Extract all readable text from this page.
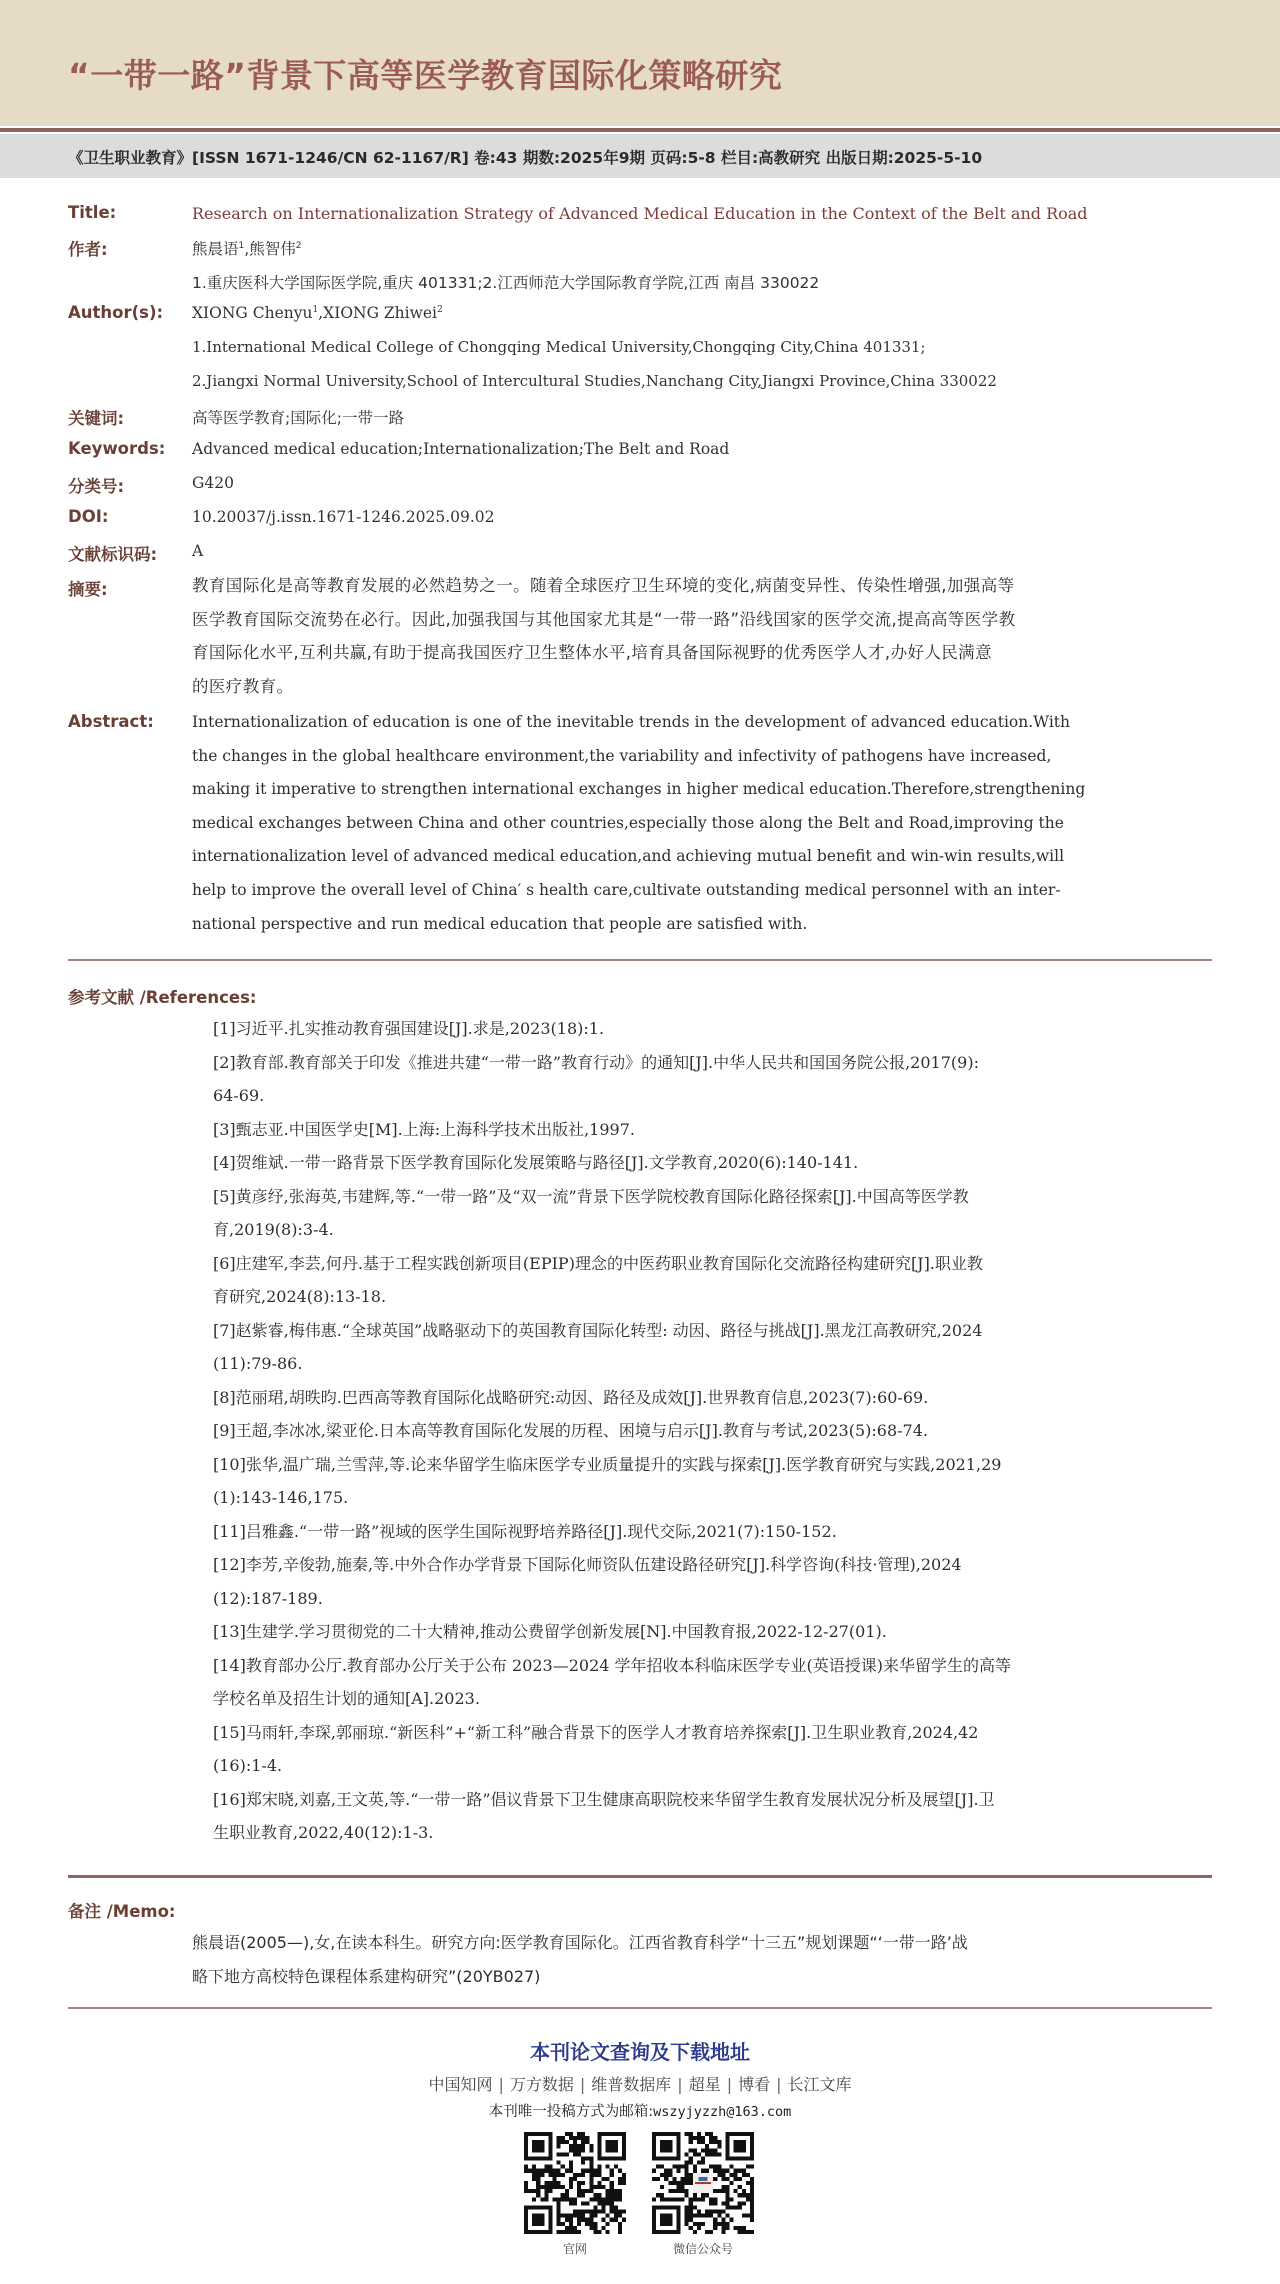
“一带一路”背景下高等医学教育国际化策略研究
《卫生职业教育》[ISSN 1671-1246/CN 62-1167/R] 卷:43 期数:2025年9期 页码:5-8 栏目:高教研究 出版日期:2025-5-10
Title:	Research on Internationalization Strategy of Advanced Medical Education in the Context of the Belt and Road
作者:	熊晨语$^1$,熊智伟$^2$
1.重庆医科大学国际医学院,重庆 401331;2.江西师范大学国际教育学院,江西 南昌 330022
Author(s): XIONG Chenyu$^1$,XIONG Zhiwei$^2$
1.International Medical College of Chongqing Medical University,Chongqing City,China 401331;
2.Jiangxi Normal University,School of Intercultural Studies,Nanchang City,Jiangxi Province,China 330022
关键词:	高等医学教育;国际化;一带一路
Keywords: Advanced medical education;Internationalization;The Belt and Road
分类号:	G420
DOI:	10.20037/j.issn.1671-1246.2025.09.02
文献标识码: A
摘要:	教育国际化是高等教育发展的必然趋势之一。随着全球医疗卫生环境的变化,病菌变异性、传染性增强,加强高等
医学教育国际交流势在必行。因此,加强我国与其他国家尤其是“一带一路”沿线国家的医学交流,提高高等医学教
育国际化水平,互利共赢,有助于提高我国医疗卫生整体水平,培育具备国际视野的优秀医学人才,办好人民满意
的医疗教育。
Abstract: Internationalization of education is one of the inevitable trends in the development of advanced education.With
the changes in the global healthcare environment,the variability and infectivity of pathogens have increased,
making it imperative to strengthen international exchanges in higher medical education.Therefore,strengthening
medical exchanges between China and other countries,especially those along the Belt and Road,improving the
internationalization level of advanced medical education,and achieving mutual benefit and win-win results,will
help to improve the overall level of China′ s health care,cultivate outstanding medical personnel with an inter-
national perspective and run medical education that people are satisfied with.
参考文献 /References:
[1]习近平.扎实推动教育强国建设[J].求是,2023(18):1.
[2]教育部.教育部关于印发《推进共建“一带一路”教育行动》的通知[J].中华人民共和国国务院公报,2017(9):
64-69.
[3]甄志亚.中国医学史[M].上海:上海科学技术出版社,1997.
[4]贺维斌.一带一路背景下医学教育国际化发展策略与路径[J].文学教育,2020(6):140-141.
[5]黄彦纾,张海英,韦建辉,等.“一带一路”及“双一流”背景下医学院校教育国际化路径探索[J].中国高等医学教
育,2019(8):3-4.
[6]庄建军,李芸,何丹.基于工程实践创新项目(EPIP)理念的中医药职业教育国际化交流路径构建研究[J].职业教
育研究,2024(8):13-18.
[7]赵紫睿,梅伟惠.“全球英国”战略驱动下的英国教育国际化转型: 动因、路径与挑战[J].黑龙江高教研究,2024
(11):79-86.
[8]范丽珺,胡昳昀.巴西高等教育国际化战略研究:动因、路径及成效[J].世界教育信息,2023(7):60-69.
[9]王超,李冰冰,梁亚伦.日本高等教育国际化发展的历程、困境与启示[J].教育与考试,2023(5):68-74.
[10]张华,温广瑞,兰雪萍,等.论来华留学生临床医学专业质量提升的实践与探索[J].医学教育研究与实践,2021,29
(1):143-146,175.
[11]吕雅鑫.“一带一路”视域的医学生国际视野培养路径[J].现代交际,2021(7):150-152.
[12]李芳,辛俊勃,施秦,等.中外合作办学背景下国际化师资队伍建设路径研究[J].科学咨询(科技·管理),2024
(12):187-189.
[13]生建学.学习贯彻党的二十大精神,推动公费留学创新发展[N].中国教育报,2022-12-27(01).
[14]教育部办公厅.教育部办公厅关于公布 2023—2024 学年招收本科临床医学专业(英语授课)来华留学生的高等
学校名单及招生计划的通知[A].2023.
[15]马雨轩,李琛,郭丽琼.“新医科”+“新工科”融合背景下的医学人才教育培养探索[J].卫生职业教育,2024,42
(16):1-4.
[16]郑宋晓,刘嘉,王文英,等.“一带一路”倡议背景下卫生健康高职院校来华留学生教育发展状况分析及展望[J].卫
生职业教育,2022,40(12):1-3.
备注 /Memo:
熊晨语(2005—),女,在读本科生。研究方向:医学教育国际化。江西省教育科学“十三五”规划课题“‘一带一路’战
略下地方高校特色课程体系建构研究”(20YB027)
本刊论文查询及下载地址
中国知网 | 万方数据 | 维普数据库 | 超星 | 博看 | 长江文库
本刊唯一投稿方式为邮箱:wszyjyzzh@163.com
官网	微信公众号
